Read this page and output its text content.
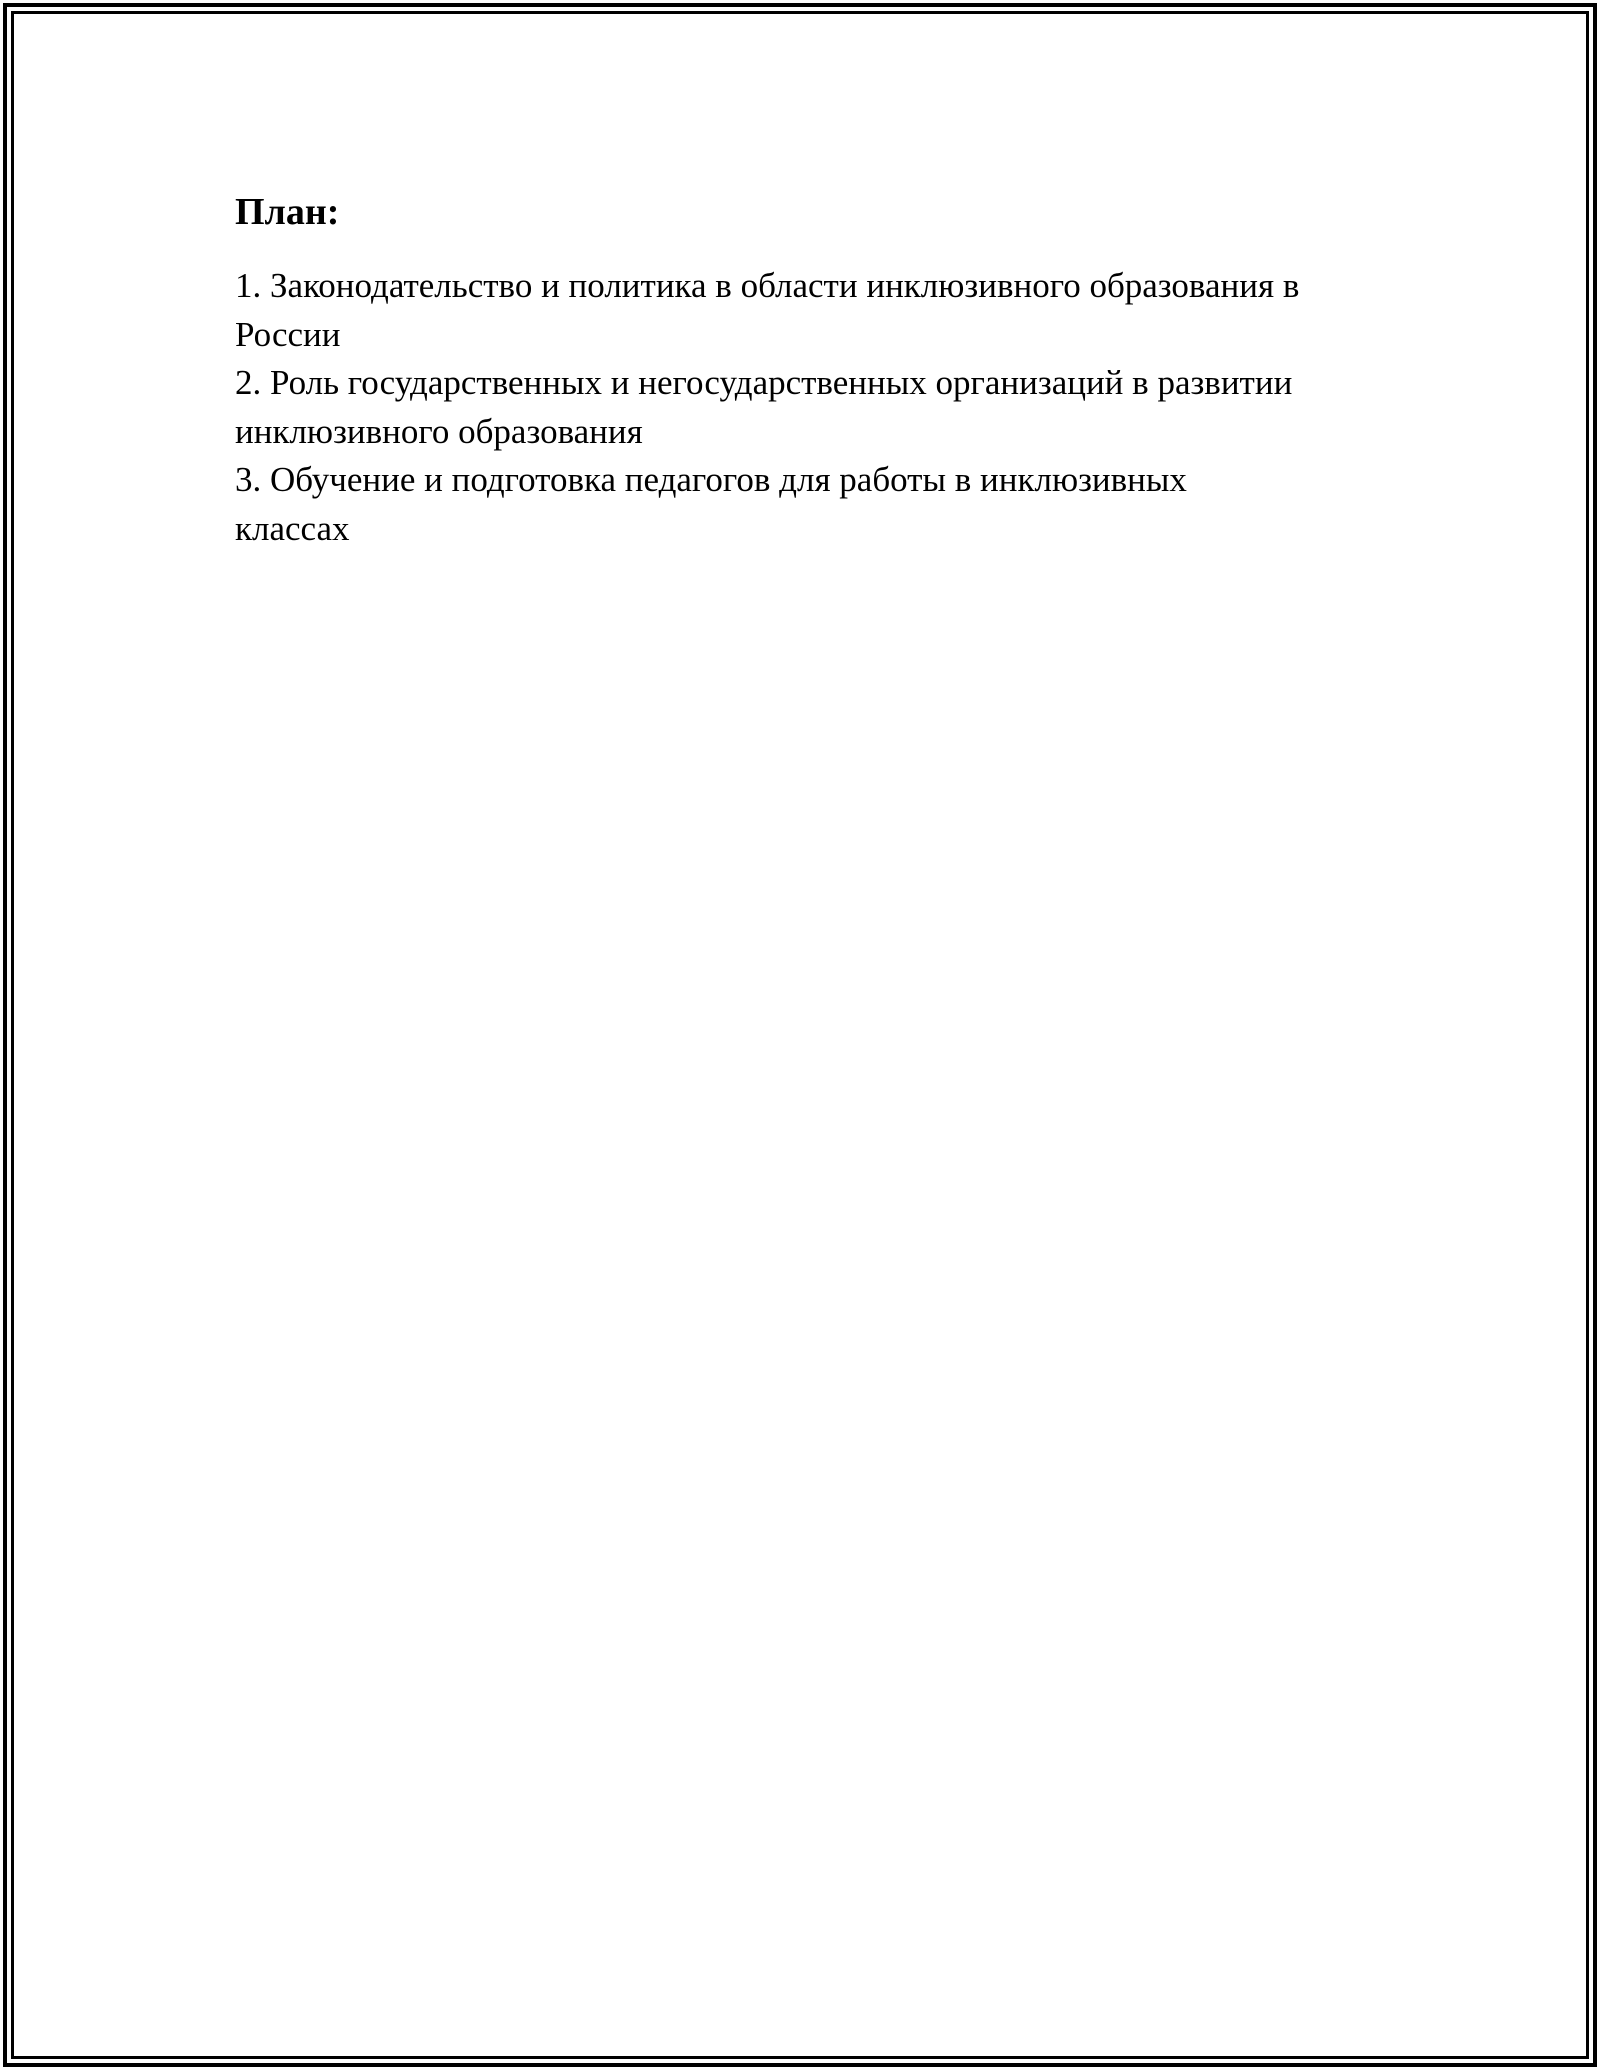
План:
1. Законодательство и политика в области инклюзивного образования в России
2. Роль государственных и негосударственных организаций в развитии инклюзивного образования
3. Обучение и подготовка педагогов для работы в инклюзивных классах
